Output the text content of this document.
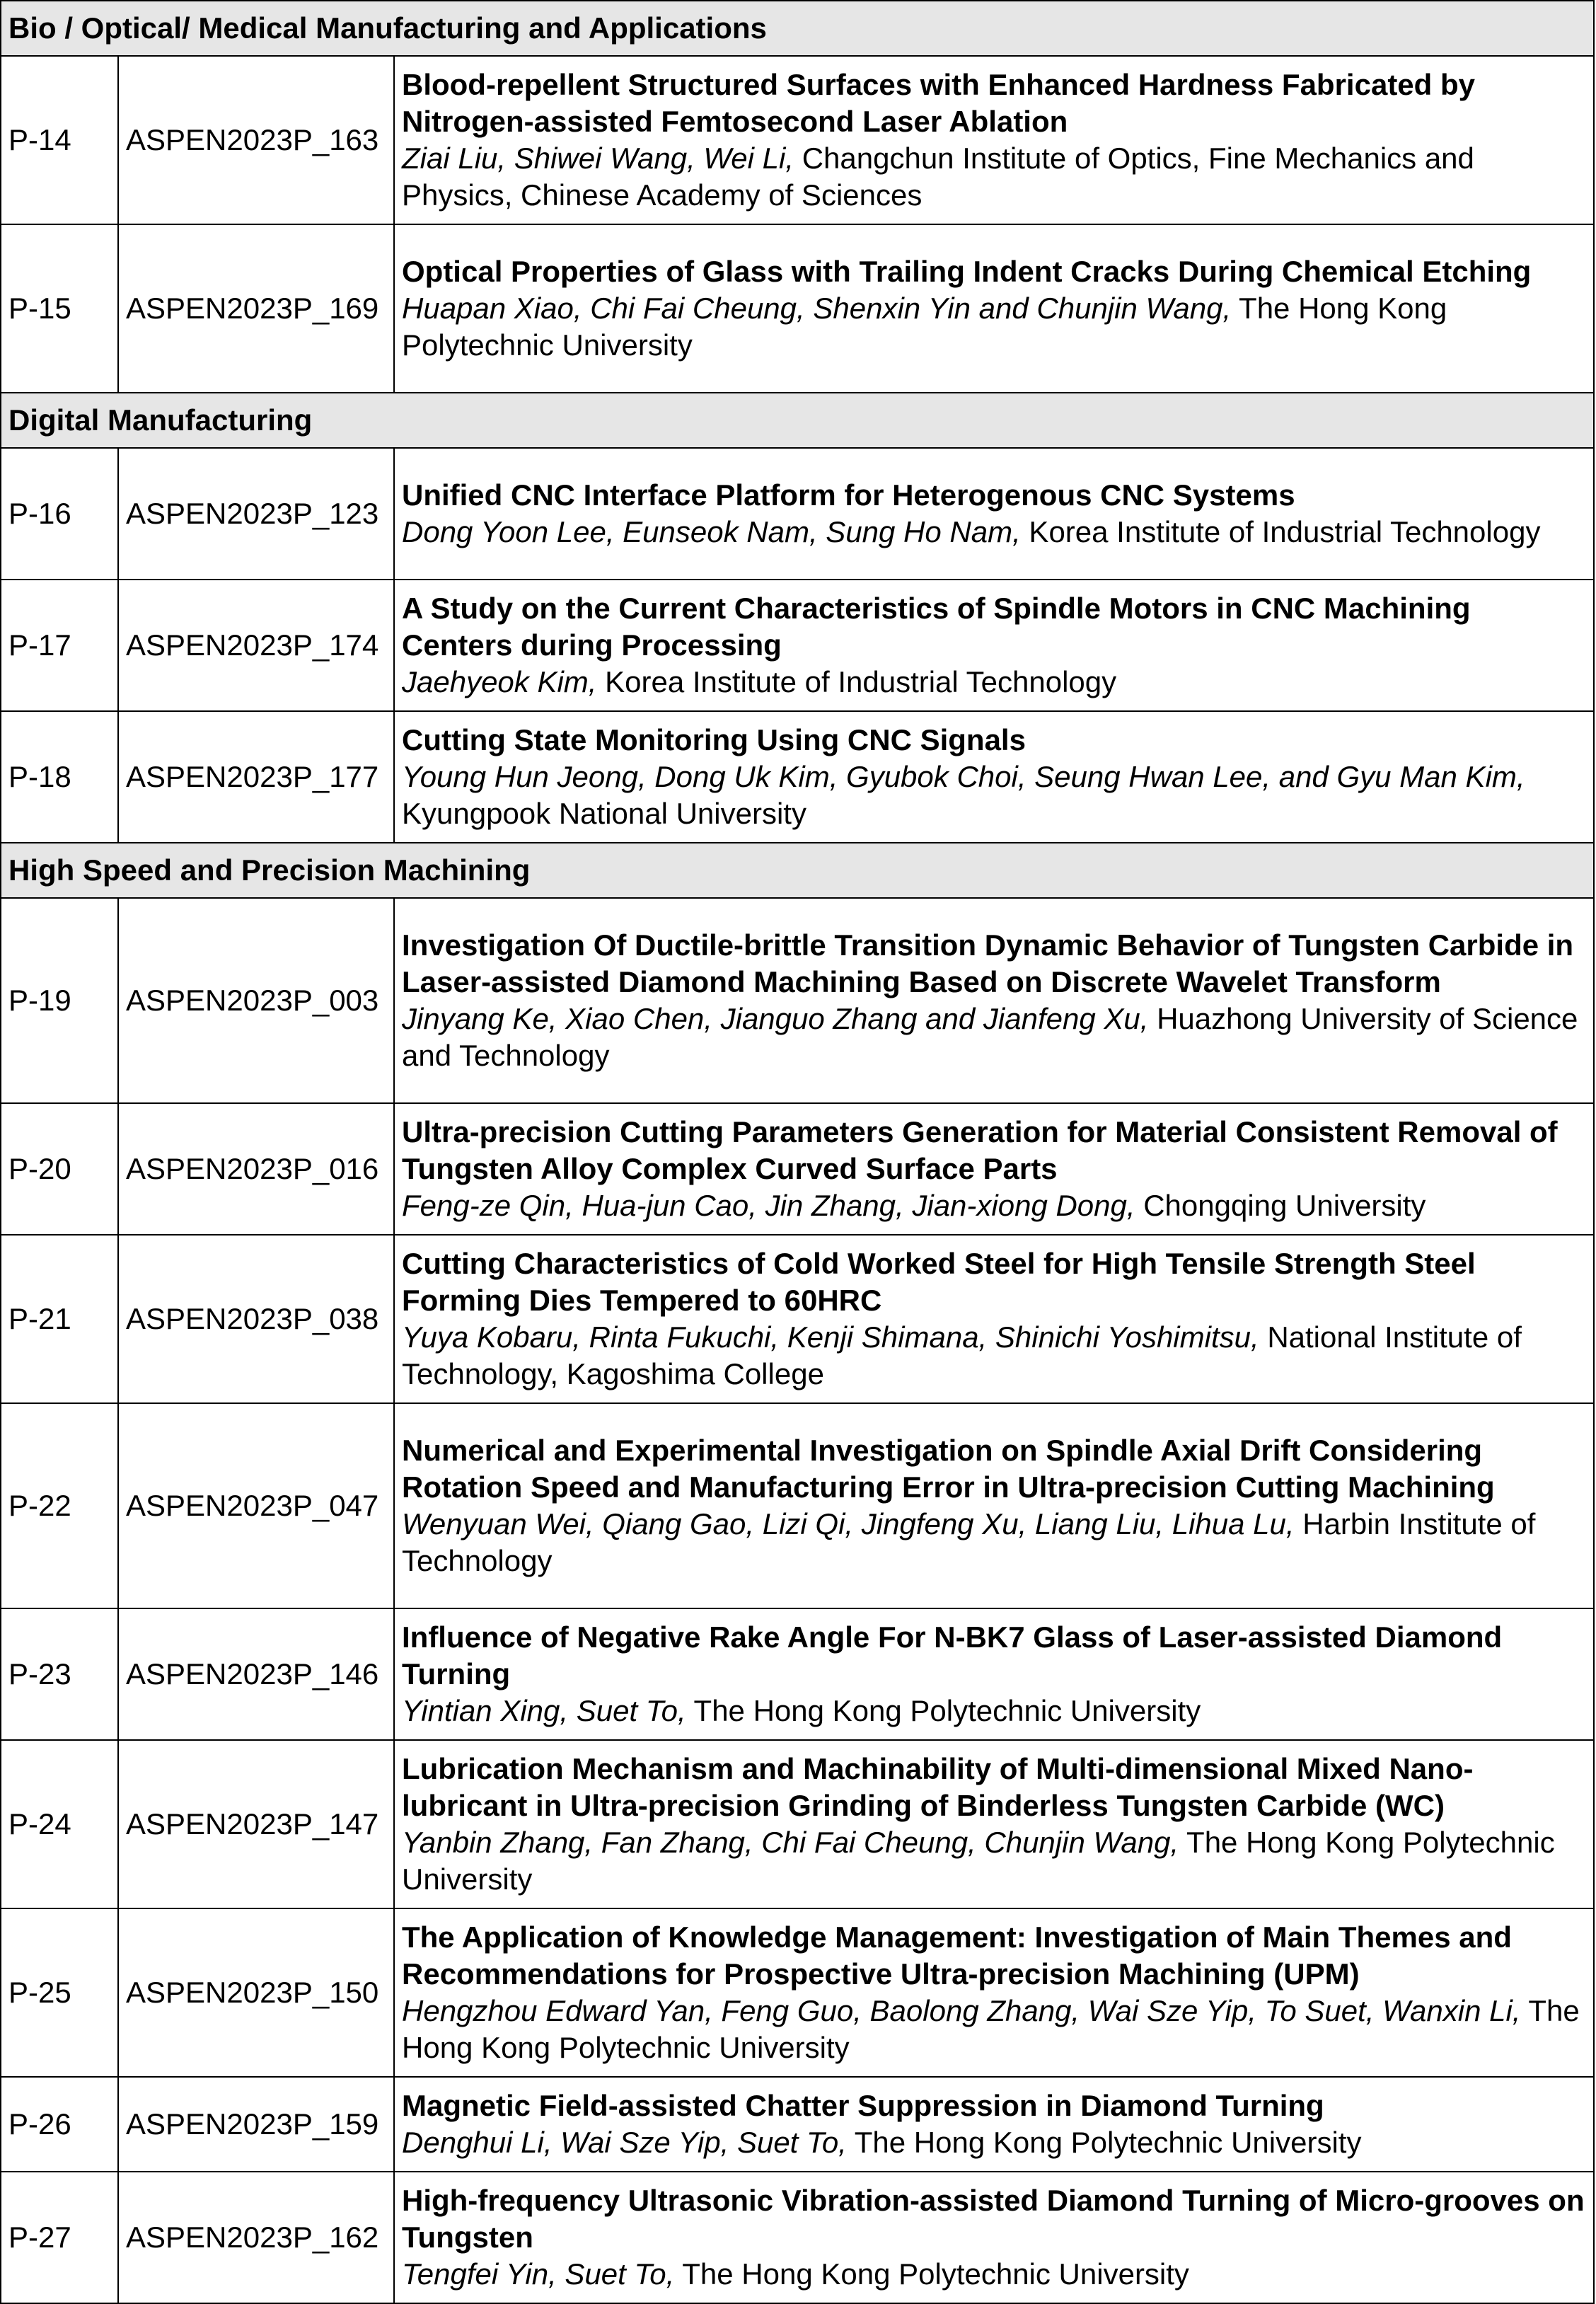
Bio / Optical/ Medical Manufacturing and Applications		
P-14	ASPEN2023P_163	Blood-repellent Structured Surfaces with Enhanced Hardness Fabricated by Nitrogen-assisted Femtosecond Laser Ablation
Ziai Liu, Shiwei Wang, Wei Li, Changchun Institute of Optics, Fine Mechanics and Physics, Chinese Academy of Sciences

P-15	ASPEN2023P_169	Optical Properties of Glass with Trailing Indent Cracks During Chemical Etching
Huapan Xiao, Chi Fai Cheung, Shenxin Yin and Chunjin Wang, The Hong Kong Polytechnic University

Digital Manufacturing		
P-16	ASPEN2023P_123	Unified CNC Interface Platform for Heterogenous CNC Systems
Dong Yoon Lee, Eunseok Nam, Sung Ho Nam, Korea Institute of Industrial Technology

P-17	ASPEN2023P_174	A Study on the Current Characteristics of Spindle Motors in CNC Machining Centers during Processing
Jaehyeok Kim, Korea Institute of Industrial Technology

P-18	ASPEN2023P_177	Cutting State Monitoring Using CNC Signals
Young Hun Jeong, Dong Uk Kim, Gyubok Choi, Seung Hwan Lee, and Gyu Man Kim, Kyungpook National University

High Speed and Precision Machining		
P-19	ASPEN2023P_003	Investigation Of Ductile-brittle Transition Dynamic Behavior of Tungsten Carbide in Laser-assisted Diamond Machining Based on Discrete Wavelet Transform
Jinyang Ke, Xiao Chen, Jianguo Zhang and Jianfeng Xu, Huazhong University of Science and Technology

P-20	ASPEN2023P_016	Ultra-precision Cutting Parameters Generation for Material Consistent Removal of Tungsten Alloy Complex Curved Surface Parts
Feng-ze Qin, Hua-jun Cao, Jin Zhang, Jian-xiong Dong, Chongqing University

P-21	ASPEN2023P_038	Cutting Characteristics of Cold Worked Steel for High Tensile Strength Steel Forming Dies Tempered to 60HRC
Yuya Kobaru, Rinta Fukuchi, Kenji Shimana, Shinichi Yoshimitsu, National Institute of Technology, Kagoshima College

P-22	ASPEN2023P_047	Numerical and Experimental Investigation on Spindle Axial Drift Considering Rotation Speed and Manufacturing Error in Ultra-precision Cutting Machining
Wenyuan Wei, Qiang Gao, Lizi Qi, Jingfeng Xu, Liang Liu, Lihua Lu, Harbin Institute of Technology

P-23	ASPEN2023P_146	Influence of Negative Rake Angle For N-BK7 Glass of Laser-assisted Diamond Turning
Yintian Xing, Suet To, The Hong Kong Polytechnic University

P-24	ASPEN2023P_147	Lubrication Mechanism and Machinability of Multi-dimensional Mixed Nano-lubricant in Ultra-precision Grinding of Binderless Tungsten Carbide (WC)
Yanbin Zhang, Fan Zhang, Chi Fai Cheung, Chunjin Wang, The Hong Kong Polytechnic University

P-25	ASPEN2023P_150	The Application of Knowledge Management: Investigation of Main Themes and Recommendations for Prospective Ultra-precision Machining (UPM)
Hengzhou Edward Yan, Feng Guo, Baolong Zhang, Wai Sze Yip, To Suet, Wanxin Li, The Hong Kong Polytechnic University

P-26	ASPEN2023P_159	Magnetic Field-assisted Chatter Suppression in Diamond Turning
Denghui Li, Wai Sze Yip, Suet To, The Hong Kong Polytechnic University

P-27	ASPEN2023P_162	High-frequency Ultrasonic Vibration-assisted Diamond Turning of Micro-grooves on Tungsten
Tengfei Yin, Suet To, The Hong Kong Polytechnic University
